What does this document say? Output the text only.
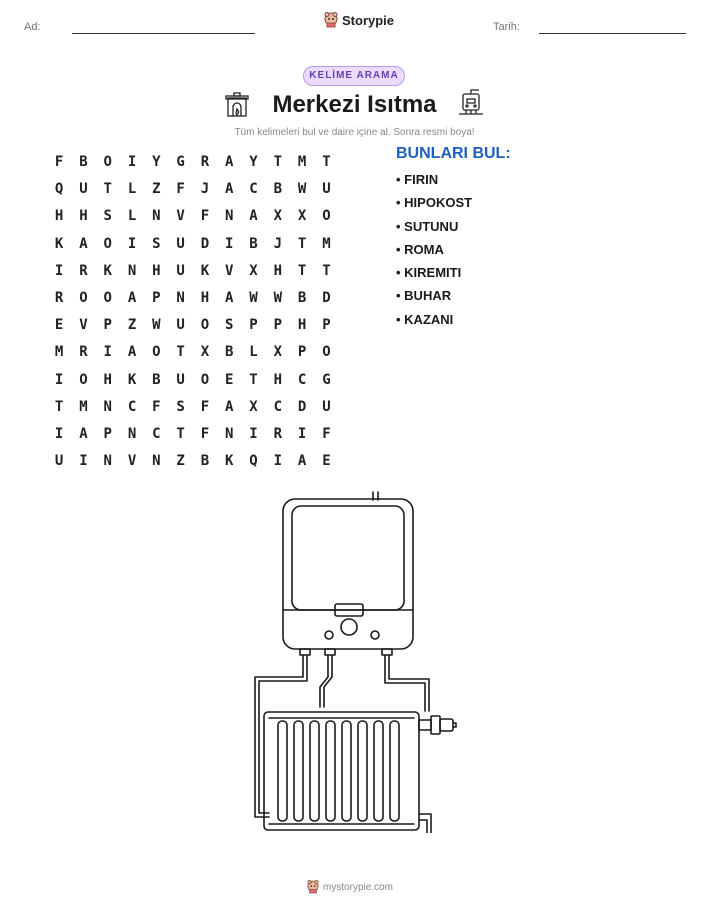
Ad:	Storypie	Tarih:
KELİME ARAMA
Merkezi Isıtma
Tüm kelimeleri bul ve daire içine al. Sonra resmi boya!
F	B	O	I	Y	G	R	A	Y	T	M	T
Q	U	T	L	Z	F	J	A	C	B	W	U
H	H	S	L	N	V	F	N	A	X	X	O
K	A	O	I	S	U	D	I	B	J	T	M
I	R	K	N	H	U	K	V	X	H	T	T
R	O	O	A	P	N	H	A	W	W	B	D
E	V	P	Z	W	U	O	S	P	P	H	P
M	R	I	A	O	T	X	B	L	X	P	O
I	O	H	K	B	U	O	E	T	H	C	G
T	M	N	C	F	S	F	A	X	C	D	U
I	A	P	N	C	T	F	N	I	R	I	F
U	I	N	V	N	Z	B	K	Q	I	A	E
BUNLARI BUL:
• FIRIN
• HIPOKOST
• SUTUNU
• ROMA
• KIREMITI
• BUHAR
• KAZANI
mystorypie.com
